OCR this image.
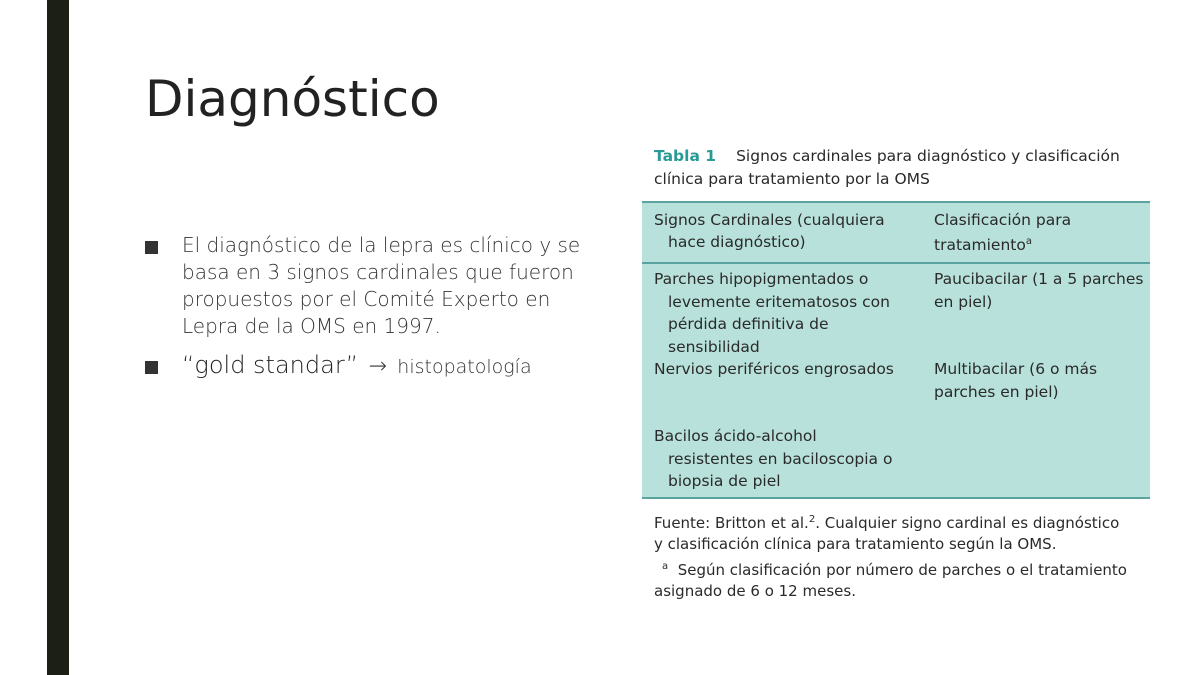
Diagnóstico
El diagnóstico de la lepra es clínico y se basa en 3 signos cardinales que fueron propuestos por el Comité Experto en Lepra de la OMS en 1997.
“gold standar” → histopatología
Tabla 1 Signos cardinales para diagnóstico y clasificación
clínica para tratamiento por la OMS
Signos Cardinales (cualquiera
hace diagnóstico)
Clasificación para
tratamiento$^a$
Parches hipopigmentados o
levemente eritematosos con
pérdida definitiva de
sensibilidad
Paucibacilar (1 a 5 parches
en piel)
Nervios periféricos engrosados	Multibacilar (6 o más
parches en piel)
Bacilos ácido-alcohol
resistentes en baciloscopia o
biopsia de piel
Fuente: Britton et al.$^2$. Cualquier signo cardinal es diagnóstico
y clasificación clínica para tratamiento según la OMS.
$^a$ Según clasificación por número de parches o el tratamiento
asignado de 6 o 12 meses.
